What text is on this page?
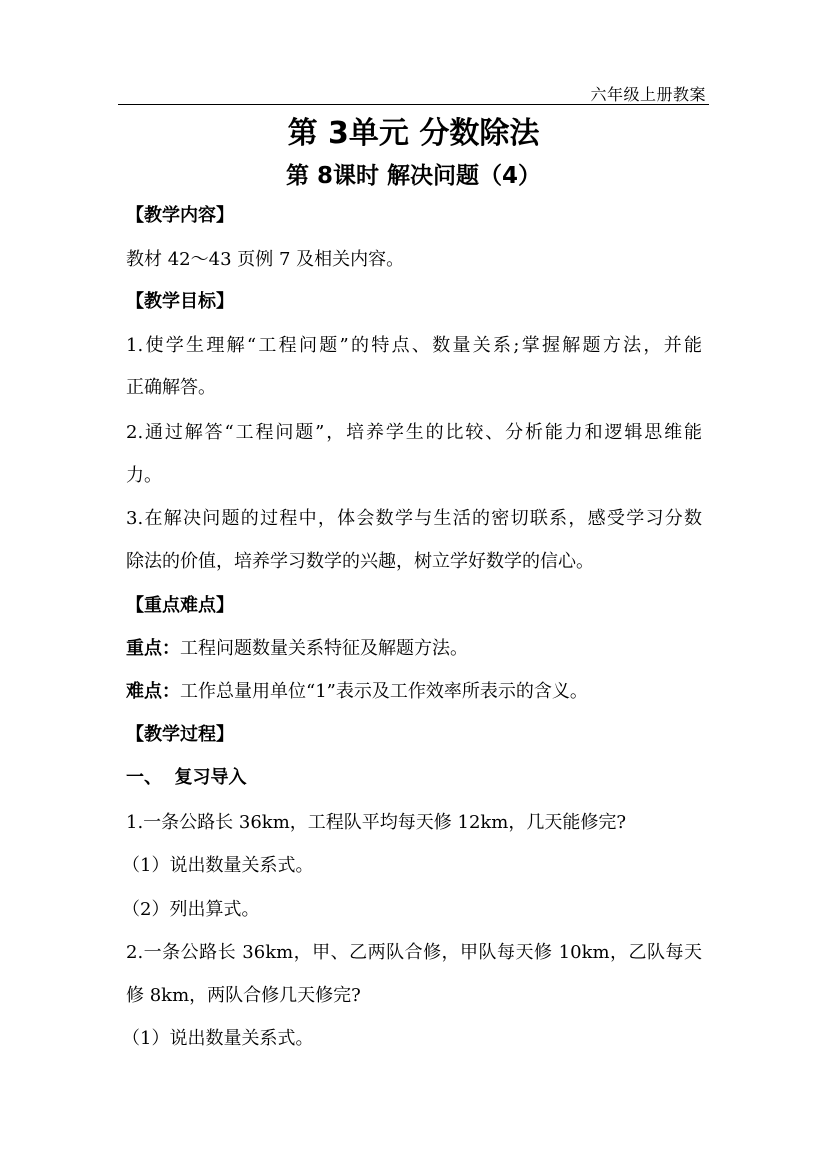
六年级上册教案
第 3单元 分数除法
第 8课时 解决问题（4）
【教学内容】
教材 42～43 页例 7 及相关内容。
【教学目标】
1.使学生理解“工程问题”的特点、数量关系;掌握解题方法，并能
正确解答。
2.通过解答“工程问题”，培养学生的比较、分析能力和逻辑思维能
力。
3.在解决问题的过程中，体会数学与生活的密切联系，感受学习分数
除法的价值，培养学习数学的兴趣，树立学好数学的信心。
【重点难点】
重点：工程问题数量关系特征及解题方法。
难点：工作总量用单位“1”表示及工作效率所表示的含义。
【教学过程】
一、  复习导入
1.一条公路长 36km，工程队平均每天修 12km，几天能修完?
（1）说出数量关系式。
（2）列出算式。
2.一条公路长 36km，甲、乙两队合修，甲队每天修 10km，乙队每天
修 8km，两队合修几天修完?
（1）说出数量关系式。
